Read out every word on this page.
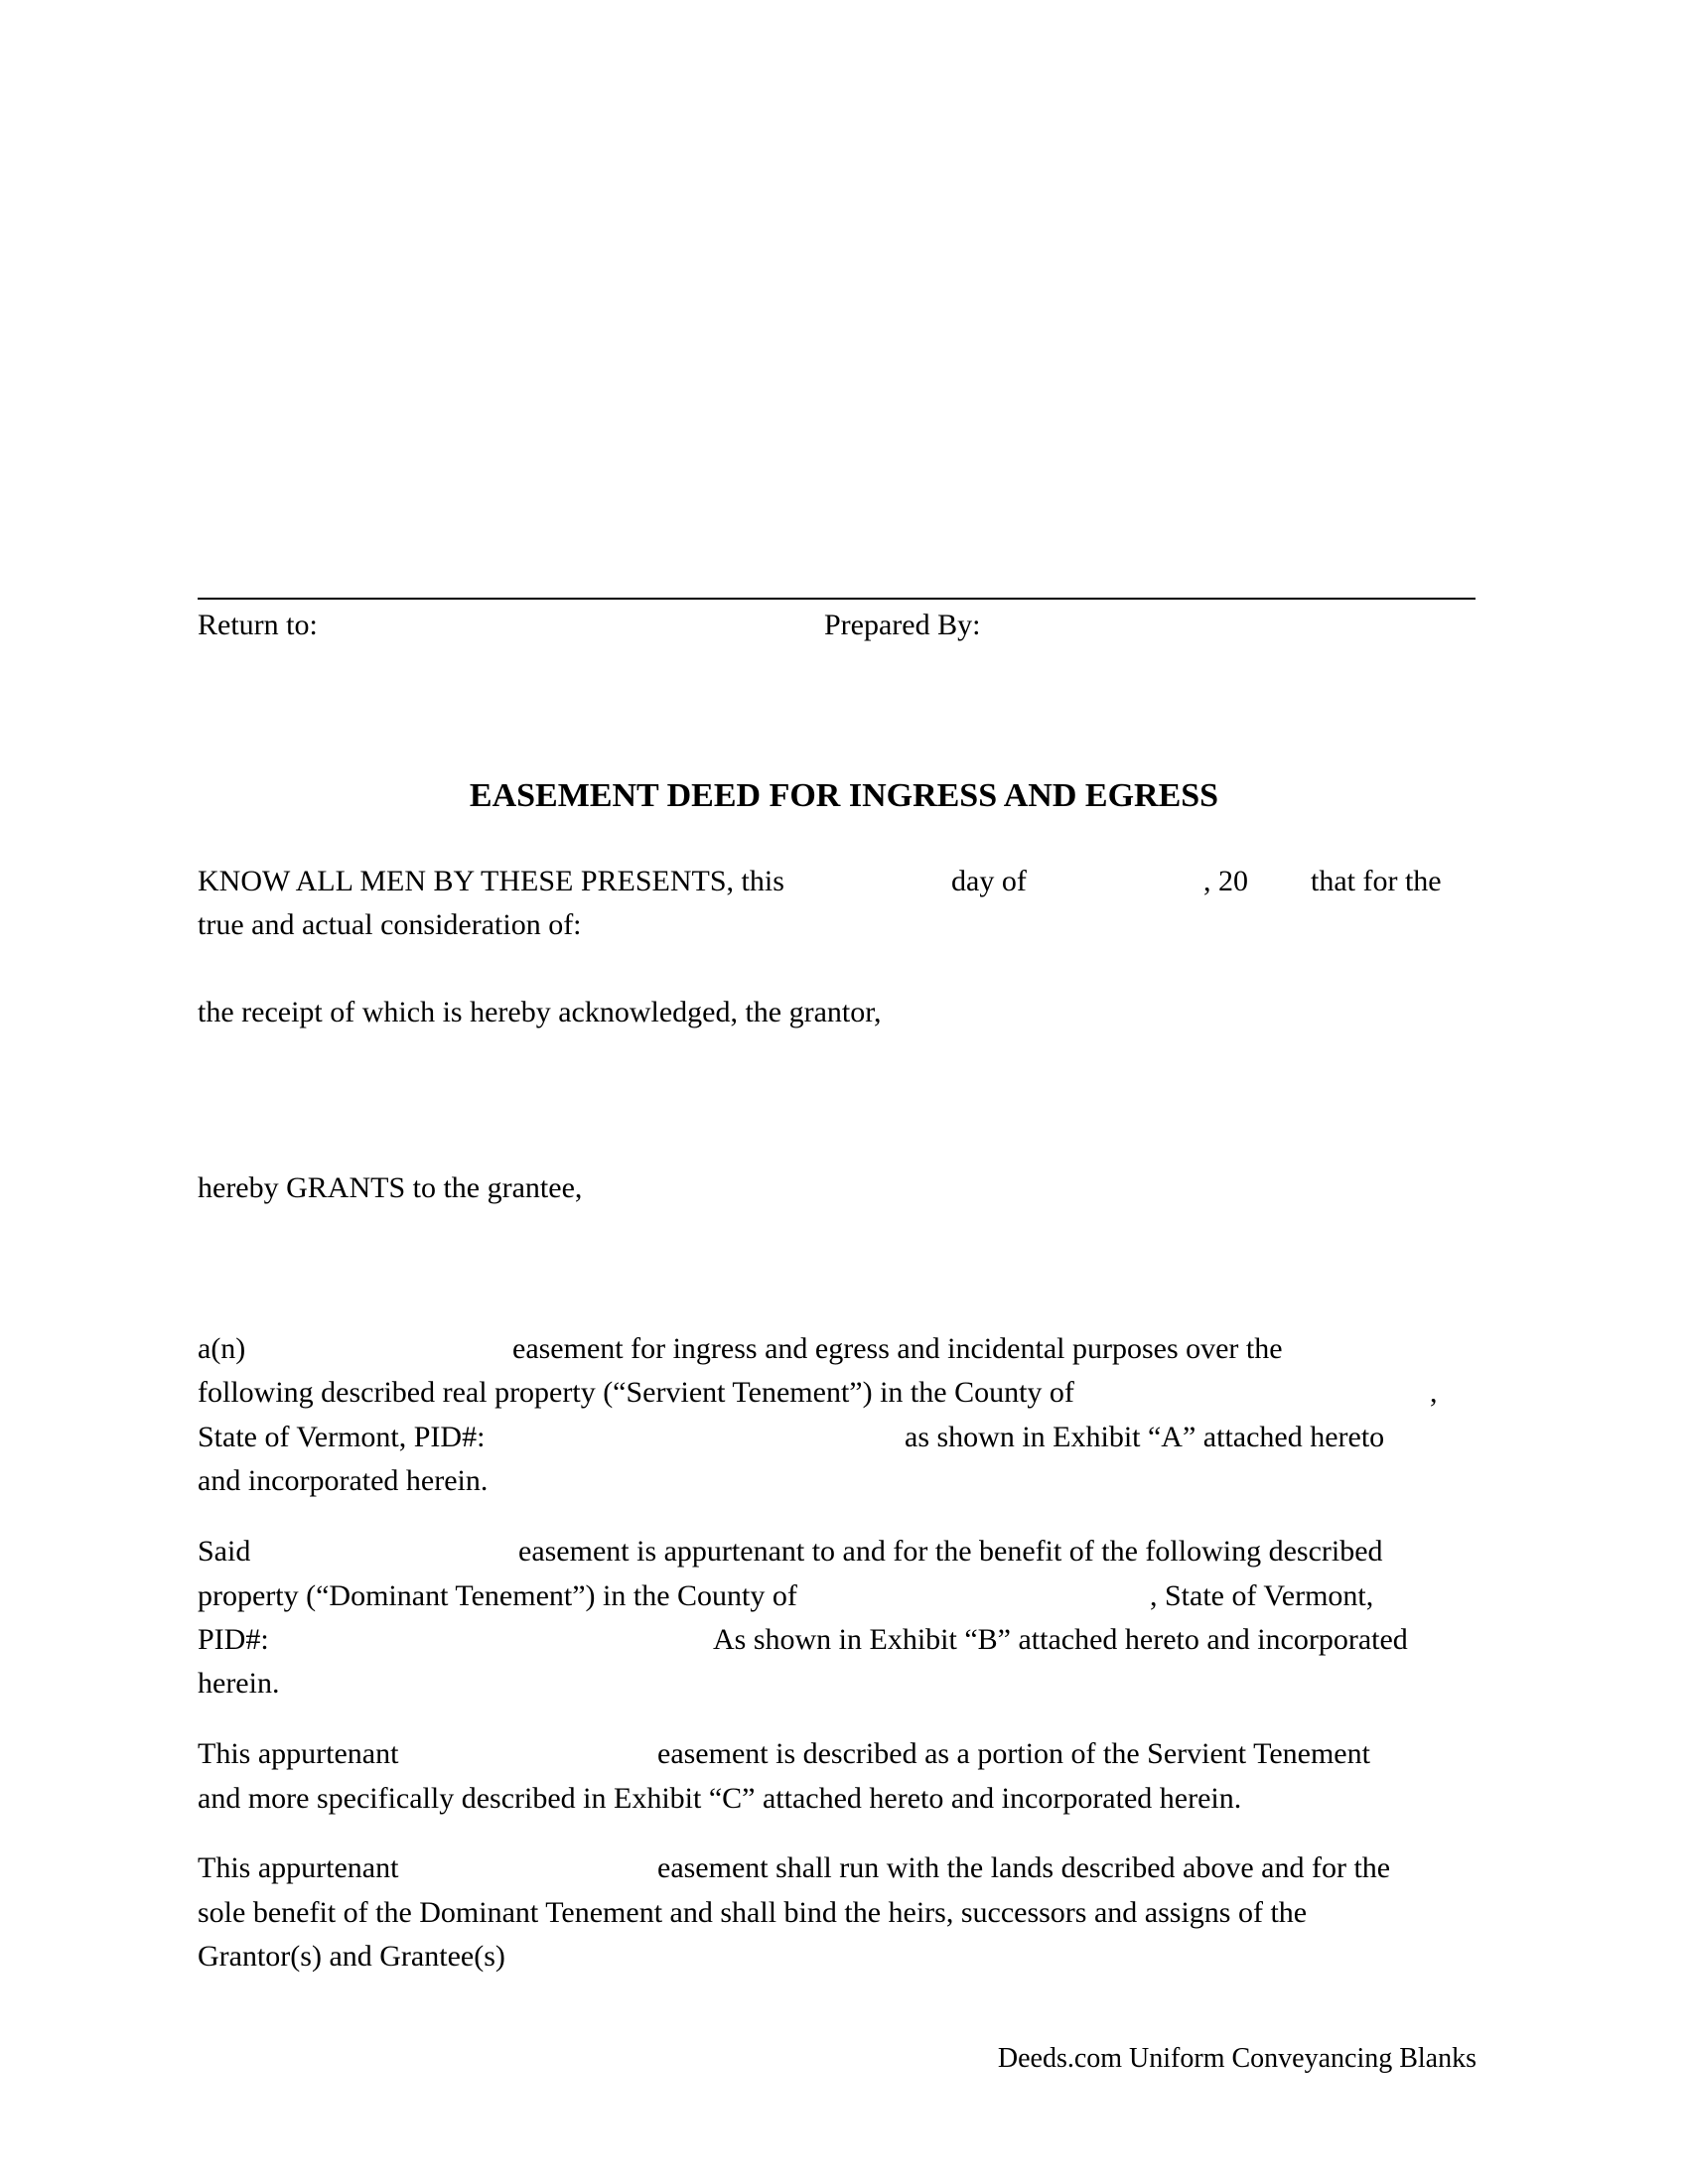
Return to:	Prepared By:
EASEMENT DEED FOR INGRESS AND EGRESS
KNOW ALL MEN BY THESE PRESENTS, this	day of	, 20 that for the
true and actual consideration of:
the receipt of which is hereby acknowledged, the grantor,
hereby GRANTS to the grantee,
a(n)	easement for ingress and egress and incidental purposes over the
following described real property (“Servient Tenement”) in the County of	,
State of Vermont, PID#:	as shown in Exhibit “A” attached hereto
and incorporated herein.
Said	easement is appurtenant to and for the benefit of the following described
property (“Dominant Tenement”) in the County of	, State of Vermont,
PID#:	As shown in Exhibit “B” attached hereto and incorporated
herein.
This appurtenant	easement is described as a portion of the Servient Tenement
and more specifically described in Exhibit “C” attached hereto and incorporated herein.
This appurtenant	easement shall run with the lands described above and for the
sole benefit of the Dominant Tenement and shall bind the heirs, successors and assigns of the
Grantor(s) and Grantee(s)
Deeds.com Uniform Conveyancing Blanks
